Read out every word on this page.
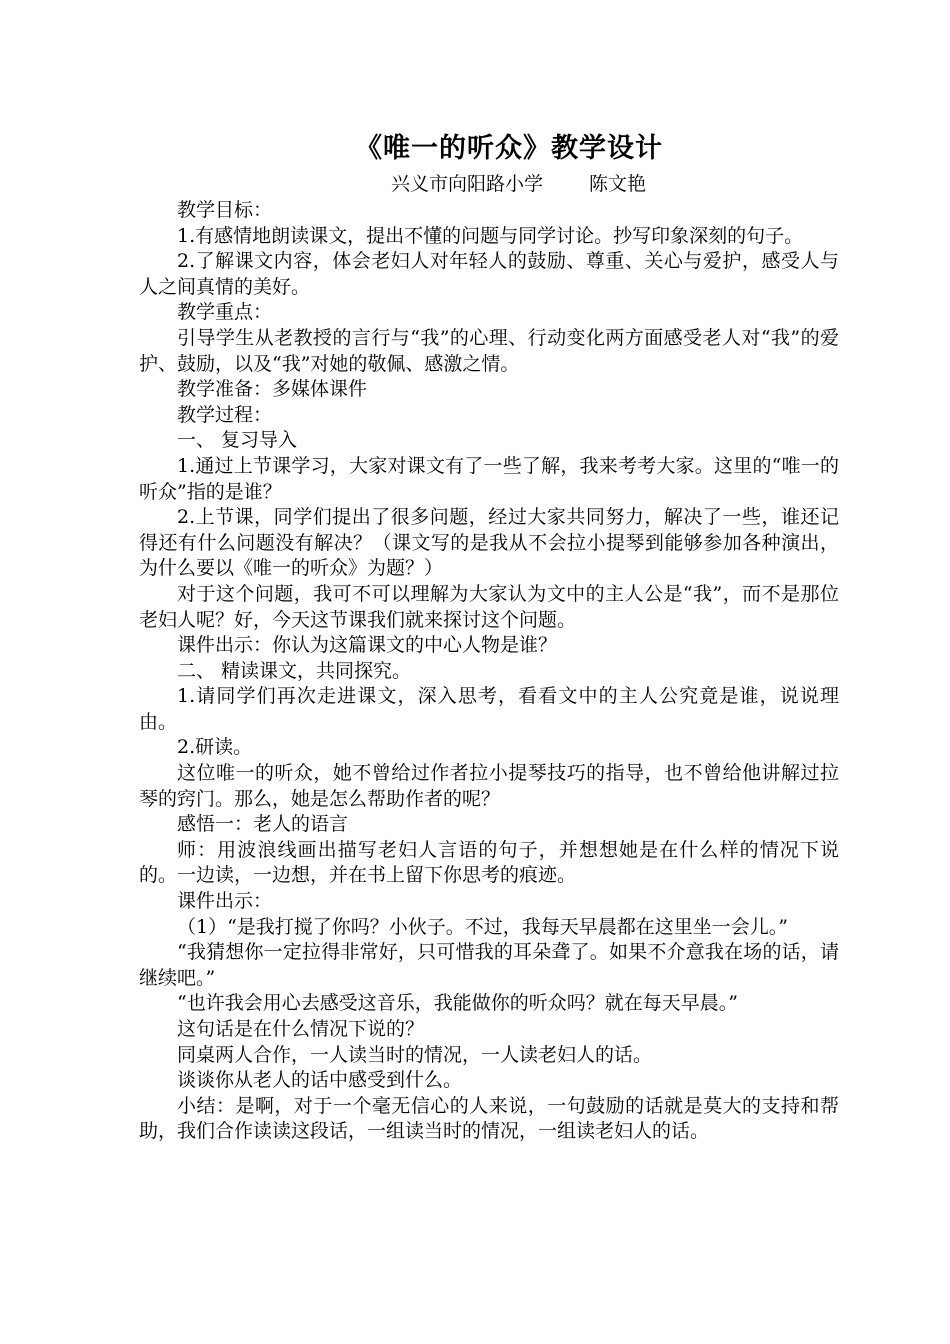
《唯一的听众》教学设计
兴义市向阳路小学 陈文艳

教学目标：

1.有感情地朗读课文，提出不懂的问题与同学讨论。抄写印象深刻的句子。

2.了解课文内容，体会老妇人对年轻人的鼓励、尊重、关心与爱护，感受人与人之间真情的美好。

教学重点：

引导学生从老教授的言行与“我”的心理、行动变化两方面感受老人对“我”的爱护、鼓励，以及“我”对她的敬佩、感激之情。

教学准备：多媒体课件

教学过程：

一、 复习导入

1.通过上节课学习，大家对课文有了一些了解，我来考考大家。这里的“唯一的听众”指的是谁？

2.上节课，同学们提出了很多问题，经过大家共同努力，解决了一些，谁还记得还有什么问题没有解决？（课文写的是我从不会拉小提琴到能够参加各种演出，为什么要以《唯一的听众》为题？）

对于这个问题，我可不可以理解为大家认为文中的主人公是“我”，而不是那位老妇人呢？好，今天这节课我们就来探讨这个问题。

课件出示：你认为这篇课文的中心人物是谁？

二、 精读课文，共同探究。

1.请同学们再次走进课文，深入思考，看看文中的主人公究竟是谁，说说理由。

2.研读。

这位唯一的听众，她不曾给过作者拉小提琴技巧的指导，也不曾给他讲解过拉琴的窍门。那么，她是怎么帮助作者的呢？

感悟一：老人的语言

师：用波浪线画出描写老妇人言语的句子，并想想她是在什么样的情况下说的。一边读，一边想，并在书上留下你思考的痕迹。

课件出示：

（1）“是我打搅了你吗？小伙子。不过，我每天早晨都在这里坐一会儿。”

“我猜想你一定拉得非常好，只可惜我的耳朵聋了。如果不介意我在场的话，请继续吧。”

“也许我会用心去感受这音乐，我能做你的听众吗？就在每天早晨。”

这句话是在什么情况下说的？

同桌两人合作，一人读当时的情况，一人读老妇人的话。

谈谈你从老人的话中感受到什么。

小结：是啊，对于一个毫无信心的人来说，一句鼓励的话就是莫大的支持和帮助，我们合作读读这段话，一组读当时的情况，一组读老妇人的话。
